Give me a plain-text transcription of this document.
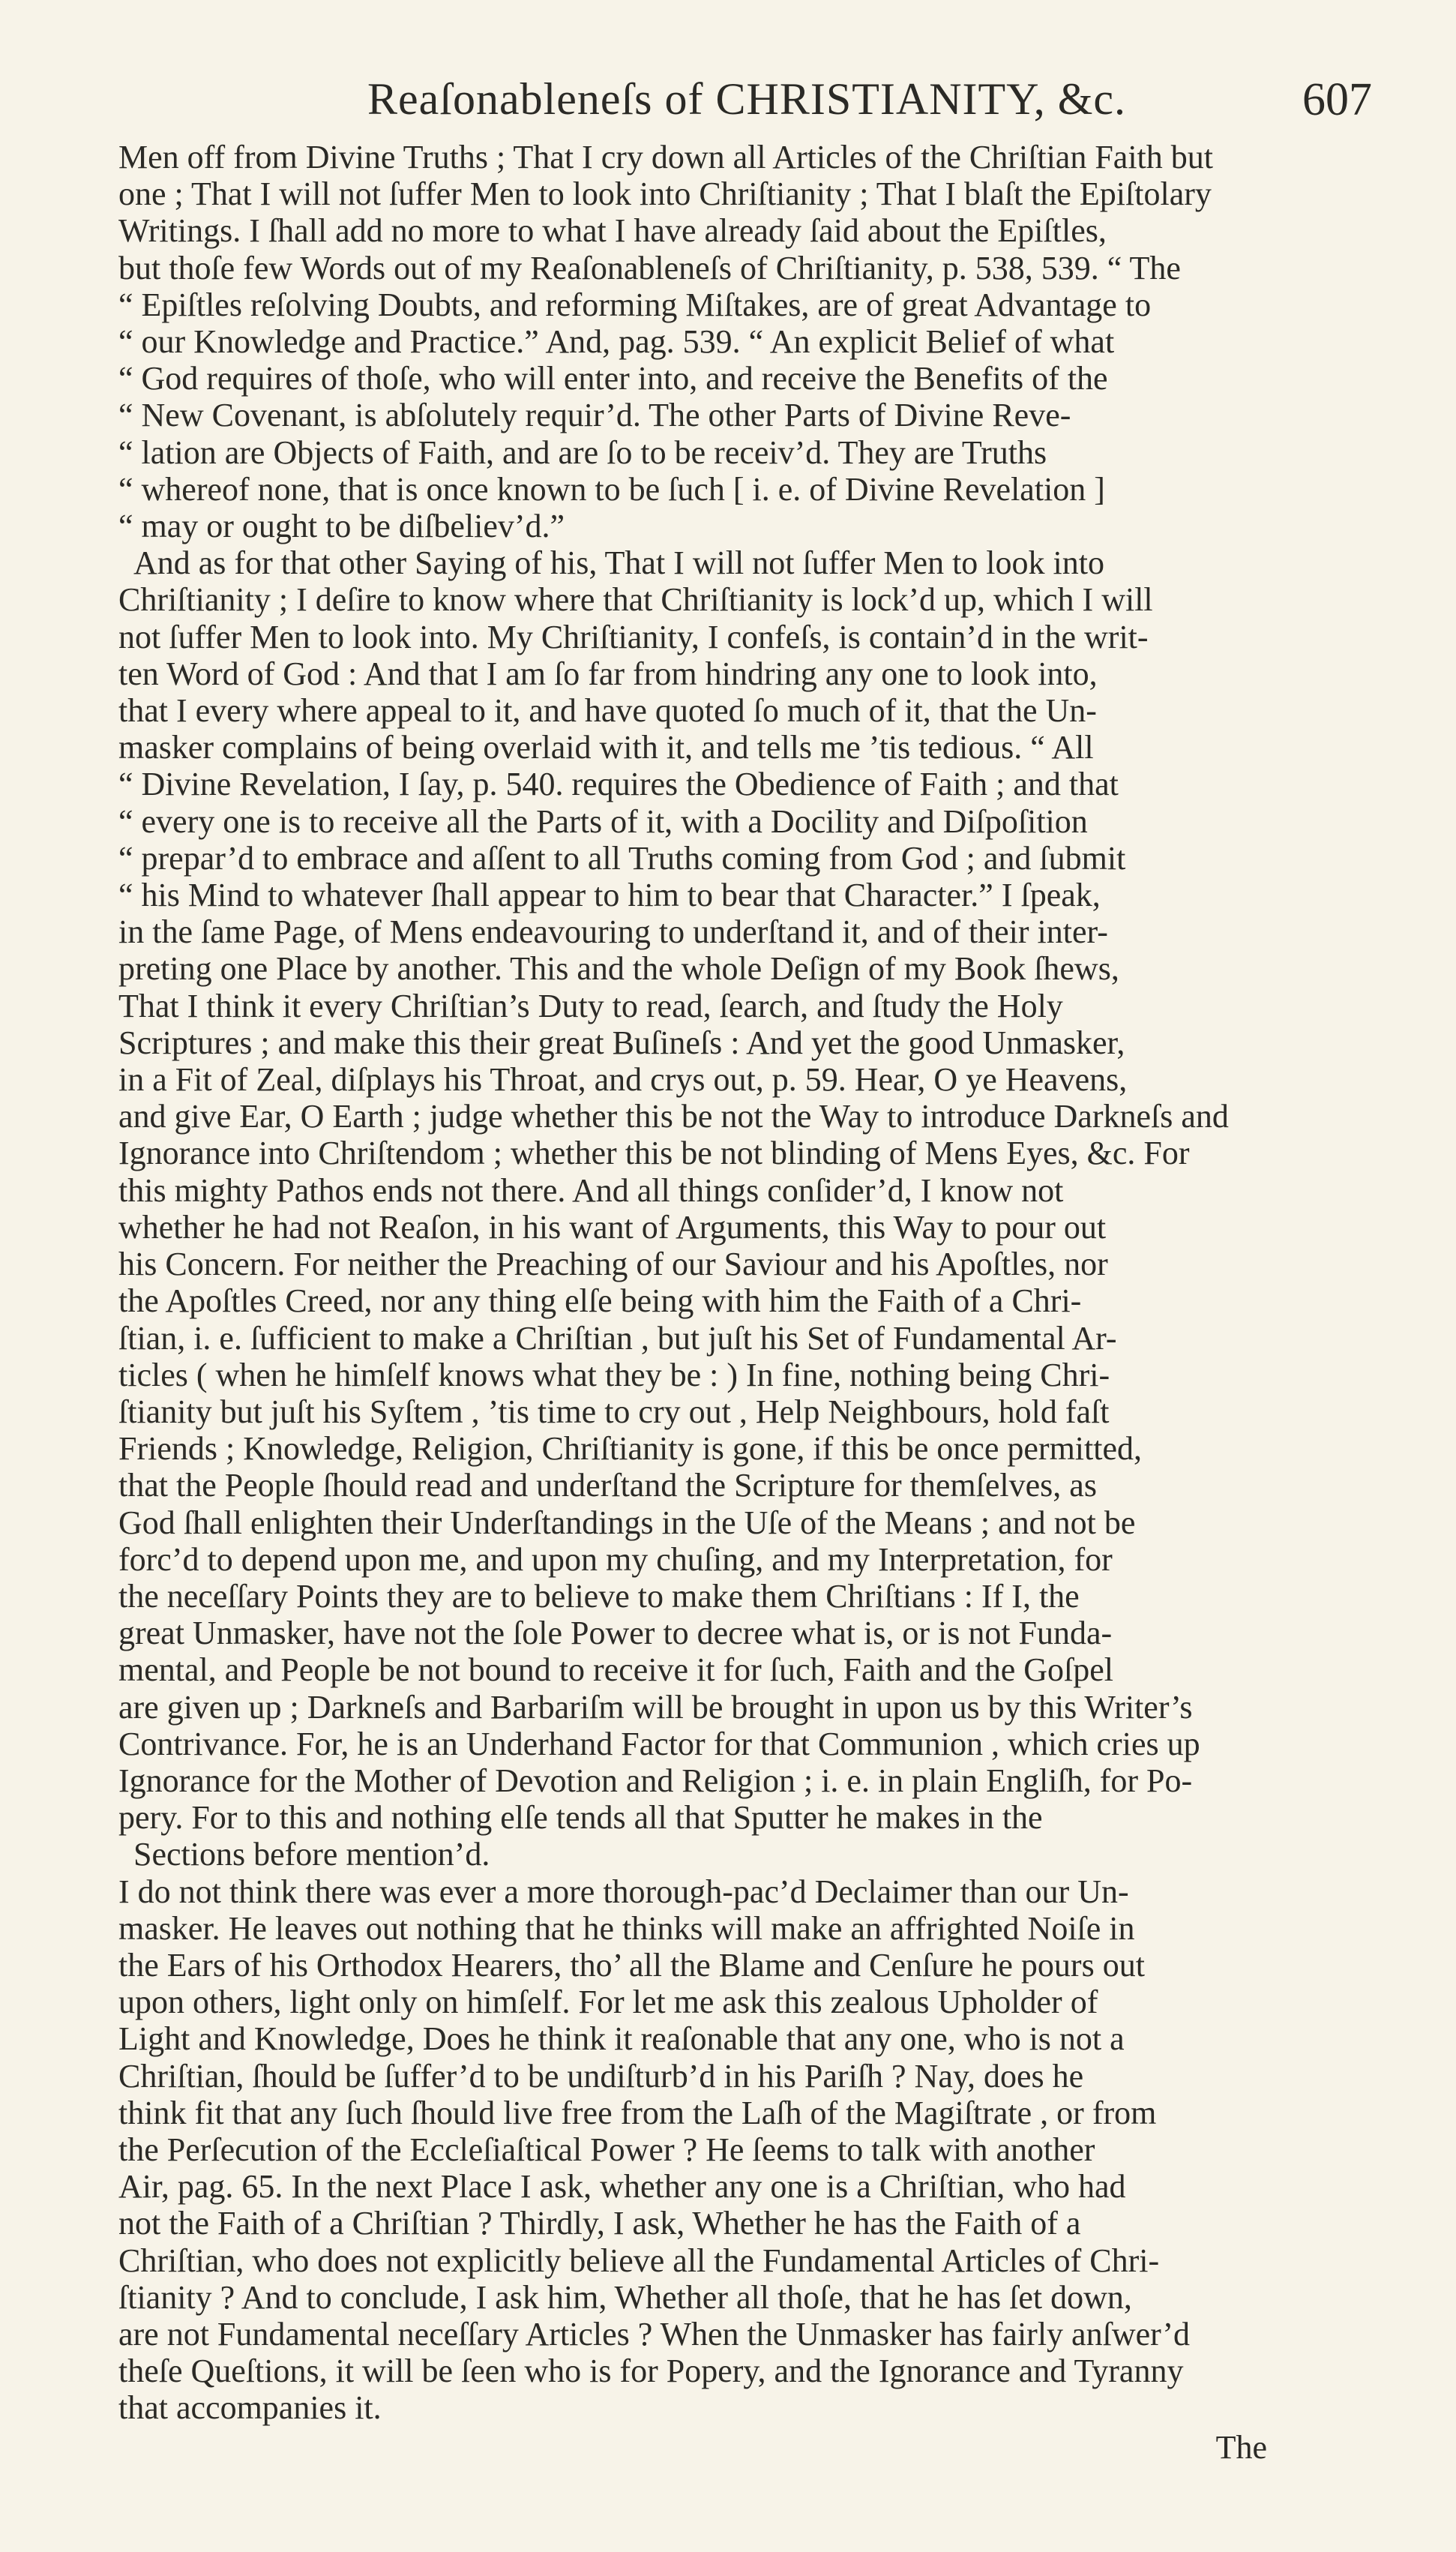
Reaſonableneſs of CHRISTIANITY, &c.	607
Men off from Divine Truths ; That I cry down all Articles of the Chriſtian Faith but
one ; That I will not ſuffer Men to look into Chriſtianity ; That I blaſt the Epiſtolary
Writings. I ſhall add no more to what I have already ſaid about the Epiſtles,
but thoſe few Words out of my Reaſonableneſs of Chriſtianity, p. 538, 539. “ The
“ Epiſtles reſolving Doubts, and reforming Miſtakes, are of great Advantage to
“ our Knowledge and Practice.” And, pag. 539. “ An explicit Belief of what
“ God requires of thoſe, who will enter into, and receive the Benefits of the
“ New Covenant, is abſolutely requir’d. The other Parts of Divine Reve-
“ lation are Objects of Faith, and are ſo to be receiv’d. They are Truths
“ whereof none, that is once known to be ſuch [ i. e. of Divine Revelation ]
“ may or ought to be diſbeliev’d.”
And as for that other Saying of his, That I will not ſuffer Men to look into
Chriſtianity ; I deſire to know where that Chriſtianity is lock’d up, which I will
not ſuffer Men to look into. My Chriſtianity, I confeſs, is contain’d in the writ-
ten Word of God : And that I am ſo far from hindring any one to look into,
that I every where appeal to it, and have quoted ſo much of it, that the Un-
masker complains of being overlaid with it, and tells me ’tis tedious. “ All
“ Divine Revelation, I ſay, p. 540. requires the Obedience of Faith ; and that
“ every one is to receive all the Parts of it, with a Docility and Diſpoſition
“ prepar’d to embrace and aſſent to all Truths coming from God ; and ſubmit
“ his Mind to whatever ſhall appear to him to bear that Character.” I ſpeak,
in the ſame Page, of Mens endeavouring to underſtand it, and of their inter-
preting one Place by another. This and the whole Deſign of my Book ſhews,
That I think it every Chriſtian’s Duty to read, ſearch, and ſtudy the Holy
Scriptures ; and make this their great Buſineſs : And yet the good Unmasker,
in a Fit of Zeal, diſplays his Throat, and crys out, p. 59. Hear, O ye Heavens,
and give Ear, O Earth ; judge whether this be not the Way to introduce Darkneſs and
Ignorance into Chriſtendom ; whether this be not blinding of Mens Eyes, &c. For
this mighty Pathos ends not there. And all things conſider’d, I know not
whether he had not Reaſon, in his want of Arguments, this Way to pour out
his Concern. For neither the Preaching of our Saviour and his Apoſtles, nor
the Apoſtles Creed, nor any thing elſe being with him the Faith of a Chri-
ſtian, i. e. ſufficient to make a Chriſtian , but juſt his Set of Fundamental Ar-
ticles ( when he himſelf knows what they be : ) In fine, nothing being Chri-
ſtianity but juſt his Syſtem , ’tis time to cry out , Help Neighbours, hold faſt
Friends ; Knowledge, Religion, Chriſtianity is gone, if this be once permitted,
that the People ſhould read and underſtand the Scripture for themſelves, as
God ſhall enlighten their Underſtandings in the Uſe of the Means ; and not be
forc’d to depend upon me, and upon my chuſing, and my Interpretation, for
the neceſſary Points they are to believe to make them Chriſtians : If I, the
great Unmasker, have not the ſole Power to decree what is, or is not Funda-
mental, and People be not bound to receive it for ſuch, Faith and the Goſpel
are given up ; Darkneſs and Barbariſm will be brought in upon us by this Writer’s
Contrivance. For, he is an Underhand Factor for that Communion , which cries up
Ignorance for the Mother of Devotion and Religion ; i. e. in plain Engliſh, for Po-
pery. For to this and nothing elſe tends all that Sputter he makes in the
Sections before mention’d.
I do not think there was ever a more thorough-pac’d Declaimer than our Un-
masker. He leaves out nothing that he thinks will make an affrighted Noiſe in
the Ears of his Orthodox Hearers, tho’ all the Blame and Cenſure he pours out
upon others, light only on himſelf. For let me ask this zealous Upholder of
Light and Knowledge, Does he think it reaſonable that any one, who is not a
Chriſtian, ſhould be ſuffer’d to be undiſturb’d in his Pariſh ? Nay, does he
think fit that any ſuch ſhould live free from the Laſh of the Magiſtrate , or from
the Perſecution of the Eccleſiaſtical Power ? He ſeems to talk with another
Air, pag. 65. In the next Place I ask, whether any one is a Chriſtian, who had
not the Faith of a Chriſtian ? Thirdly, I ask, Whether he has the Faith of a
Chriſtian, who does not explicitly believe all the Fundamental Articles of Chri-
ſtianity ? And to conclude, I ask him, Whether all thoſe, that he has ſet down,
are not Fundamental neceſſary Articles ? When the Unmasker has fairly anſwer’d
theſe Queſtions, it will be ſeen who is for Popery, and the Ignorance and Tyranny
that accompanies it.
The
